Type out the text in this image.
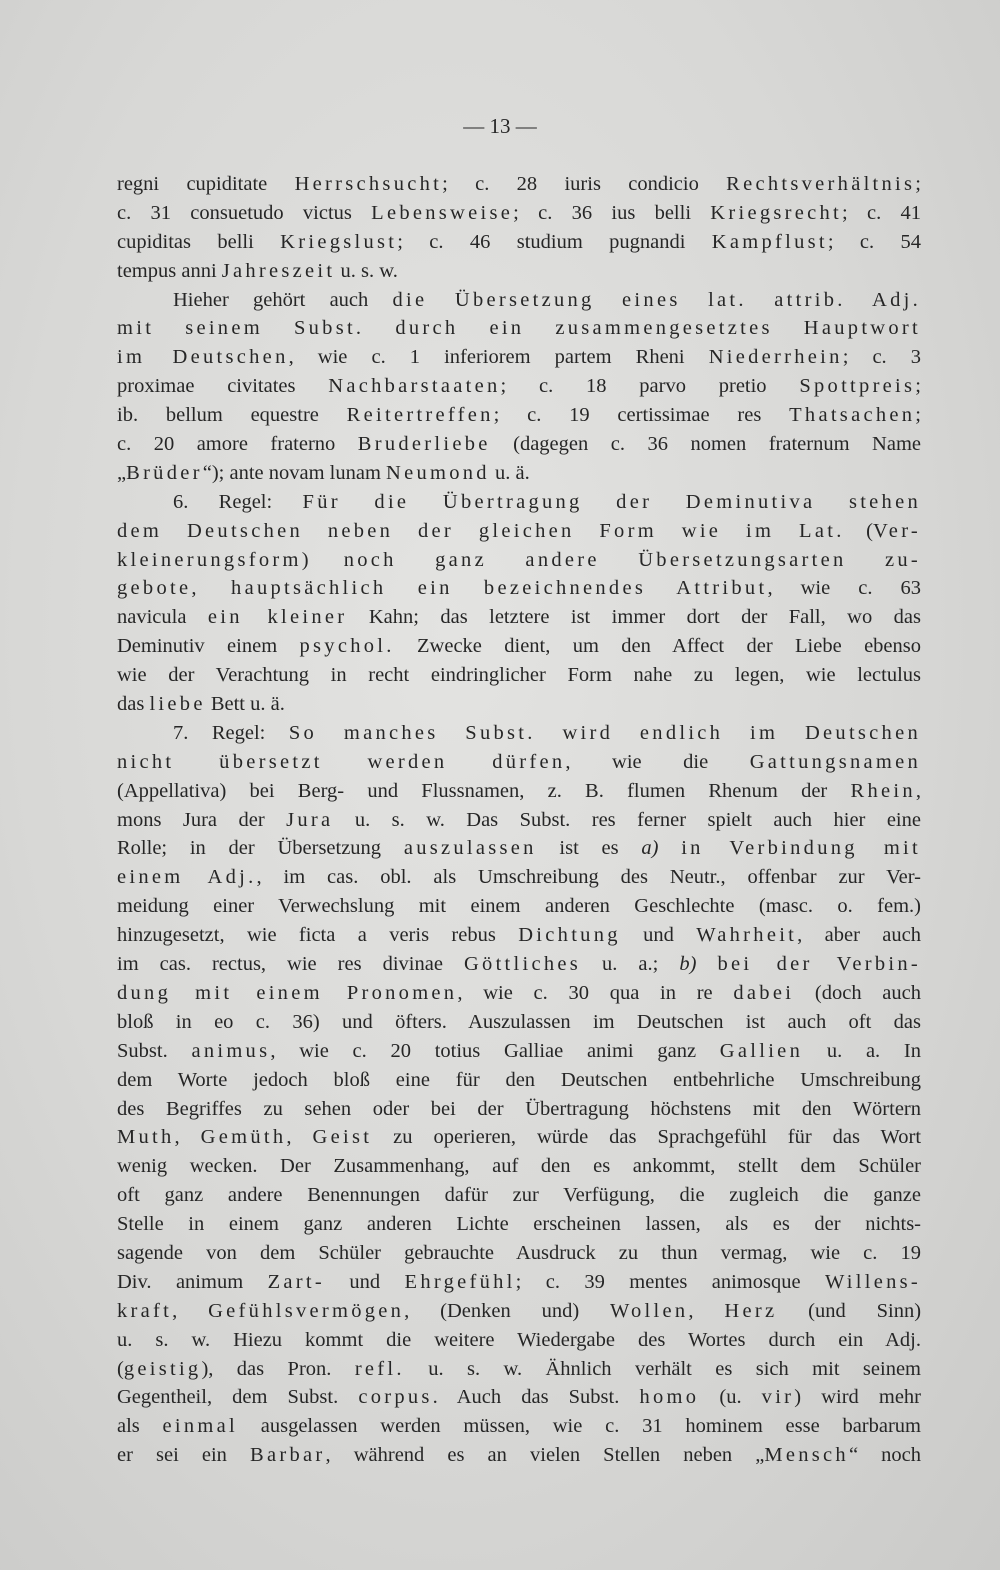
— 13 —
regni cupiditate Herrschsucht; c. 28 iuris condicio Rechtsverhältnis;
c. 31 consuetudo victus Lebensweise; c. 36 ius belli Kriegsrecht; c. 41
cupiditas belli Kriegslust; c. 46 studium pugnandi Kampflust; c. 54
tempus anni Jahreszeit u. s. w.
Hieher gehört auch die Übersetzung eines lat. attrib. Adj.
mit seinem Subst. durch ein zusammengesetztes Hauptwort
im Deutschen, wie c. 1 inferiorem partem Rheni Niederrhein; c. 3
proximae civitates Nachbarstaaten; c. 18 parvo pretio Spottpreis;
ib. bellum equestre Reitertreffen; c. 19 certissimae res Thatsachen;
c. 20 amore fraterno Bruderliebe (dagegen c. 36 nomen fraternum Name
„Brüder“); ante novam lunam Neumond u. ä.
6. Regel: Für die Übertragung der Deminutiva stehen
dem Deutschen neben der gleichen Form wie im Lat. (Ver-
kleinerungsform) noch ganz andere Übersetzungsarten zu-
gebote, hauptsächlich ein bezeichnendes Attribut, wie c. 63
navicula ein kleiner Kahn; das letztere ist immer dort der Fall, wo das
Deminutiv einem psychol. Zwecke dient, um den Affect der Liebe ebenso
wie der Verachtung in recht eindringlicher Form nahe zu legen, wie lectulus
das liebe Bett u. ä.
7. Regel: So manches Subst. wird endlich im Deutschen
nicht übersetzt werden dürfen, wie die Gattungsnamen
(Appellativa) bei Berg- und Flussnamen, z. B. flumen Rhenum der Rhein,
mons Jura der Jura u. s. w. Das Subst. res ferner spielt auch hier eine
Rolle; in der Übersetzung auszulassen ist es a) in Verbindung mit
einem Adj., im cas. obl. als Umschreibung des Neutr., offenbar zur Ver-
meidung einer Verwechslung mit einem anderen Geschlechte (masc. o. fem.)
hinzugesetzt, wie ficta a veris rebus Dichtung und Wahrheit, aber auch
im cas. rectus, wie res divinae Göttliches u. a.; b) bei der Verbin-
dung mit einem Pronomen, wie c. 30 qua in re dabei (doch auch
bloß in eo c. 36) und öfters. Auszulassen im Deutschen ist auch oft das
Subst. animus, wie c. 20 totius Galliae animi ganz Gallien u. a. In
dem Worte jedoch bloß eine für den Deutschen entbehrliche Umschreibung
des Begriffes zu sehen oder bei der Übertragung höchstens mit den Wörtern
Muth, Gemüth, Geist zu operieren, würde das Sprachgefühl für das Wort
wenig wecken. Der Zusammenhang, auf den es ankommt, stellt dem Schüler
oft ganz andere Benennungen dafür zur Verfügung, die zugleich die ganze
Stelle in einem ganz anderen Lichte erscheinen lassen, als es der nichts-
sagende von dem Schüler gebrauchte Ausdruck zu thun vermag, wie c. 19
Div. animum Zart- und Ehrgefühl; c. 39 mentes animosque Willens-
kraft, Gefühlsvermögen, (Denken und) Wollen, Herz (und Sinn)
u. s. w. Hiezu kommt die weitere Wiedergabe des Wortes durch ein Adj.
(geistig), das Pron. refl. u. s. w. Ähnlich verhält es sich mit seinem
Gegentheil, dem Subst. corpus. Auch das Subst. homo (u. vir) wird mehr
als einmal ausgelassen werden müssen, wie c. 31 hominem esse barbarum
er sei ein Barbar, während es an vielen Stellen neben „Mensch“ noch
